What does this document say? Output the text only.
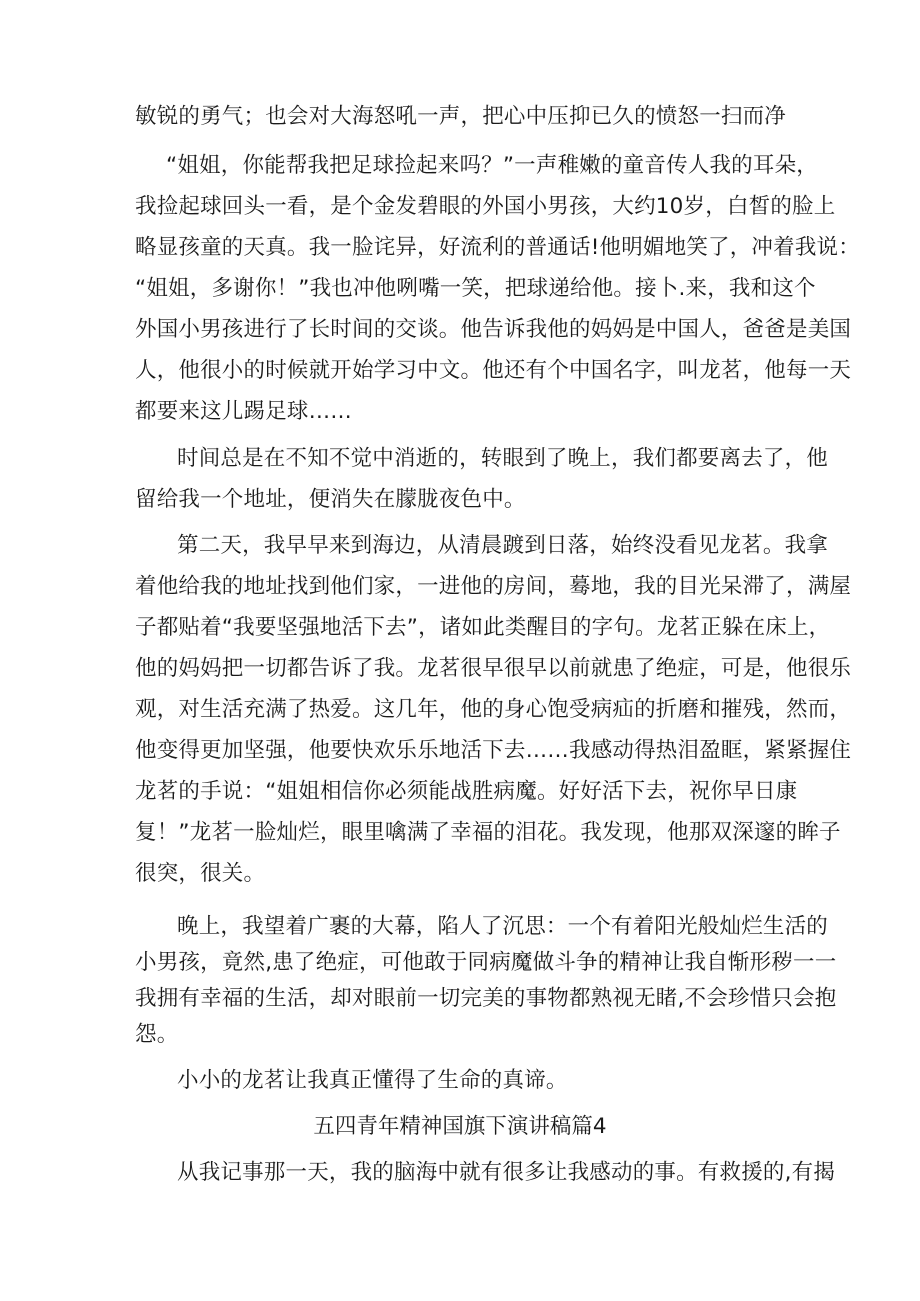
敏锐的勇气；也会对大海怒吼一声，把心中压抑已久的愤怒一扫而净
“姐姐，你能帮我把足球捡起来吗？”一声稚嫩的童音传人我的耳朵，
我捡起球回头一看，是个金发碧眼的外国小男孩，大约10岁，白皙的脸上
略显孩童的天真。我一脸诧异，好流利的普通话!他明媚地笑了，冲着我说：
“姐姐，多谢你！”我也冲他咧嘴一笑，把球递给他。接卜.来，我和这个
外国小男孩进行了长时间的交谈。他告诉我他的妈妈是中国人，爸爸是美国
人，他很小的时候就开始学习中文。他还有个中国名字，叫龙茗，他每一天
都要来这儿踢足球……
时间总是在不知不觉中消逝的，转眼到了晚上，我们都要离去了，他
留给我一个地址，便消失在朦胧夜色中。
第二天，我早早来到海边，从清晨踱到日落，始终没看见龙茗。我拿
着他给我的地址找到他们家，一进他的房间，蓦地，我的目光呆滞了，满屋
子都贴着“我要坚强地活下去”，诸如此类醒目的字句。龙茗正躲在床上，
他的妈妈把一切都告诉了我。龙茗很早很早以前就患了绝症，可是，他很乐
观，对生活充满了热爱。这几年，他的身心饱受病疝的折磨和摧残，然而，
他变得更加坚强，他要快欢乐乐地活下去……我感动得热泪盈眶，紧紧握住
龙茗的手说：“姐姐相信你必须能战胜病魔。好好活下去，祝你早日康
复！”龙茗一脸灿烂，眼里噙满了幸福的泪花。我发现，他那双深邃的眸子
很突，很关。
晚上，我望着广裹的大幕，陷人了沉思：一个有着阳光般灿烂生活的
小男孩，竟然,患了绝症，可他敢于同病魔做斗争的精神让我自惭形秽一一
我拥有幸福的生活，却对眼前一切完美的事物都熟视无睹,不会珍惜只会抱
怨。
小小的龙茗让我真正懂得了生命的真谛。
五四青年精神国旗下演讲稿篇4
从我记事那一天，我的脑海中就有很多让我感动的事。有救援的,有揭
